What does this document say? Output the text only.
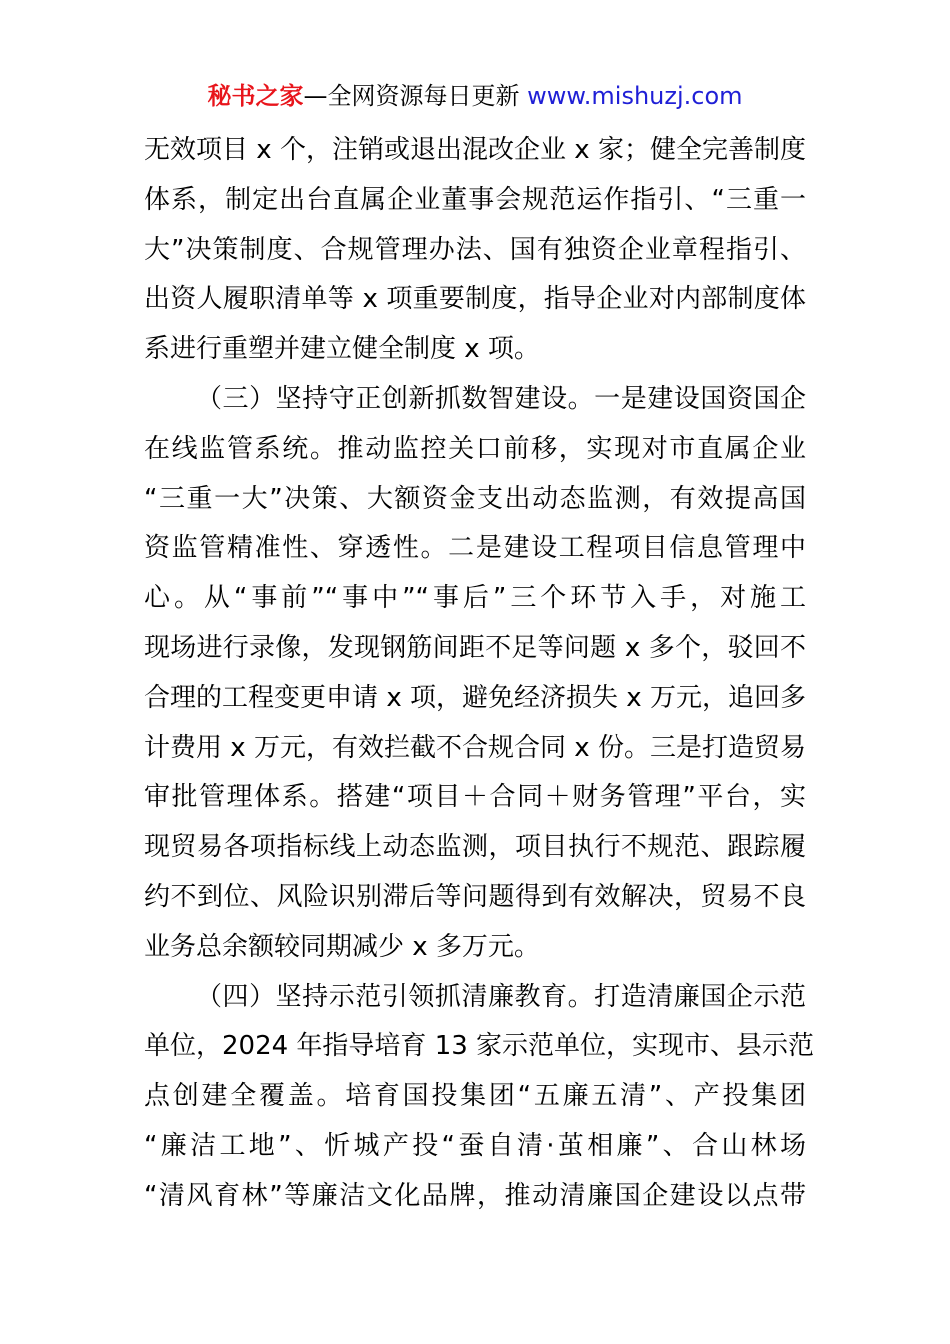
秘书之家—全网资源每日更新 www.mishuzj.com
无效项目 x 个，注销或退出混改企业 x 家；健全完善制度
体系，制定出台直属企业董事会规范运作指引、“三重一
大”决策制度、合规管理办法、国有独资企业章程指引、
出资人履职清单等 x 项重要制度，指导企业对内部制度体
系进行重塑并建立健全制度 x 项。
（三）坚持守正创新抓数智建设。一是建设国资国企
在线监管系统。推动监控关口前移，实现对市直属企业
“三重一大”决策、大额资金支出动态监测，有效提高国
资监管精准性、穿透性。二是建设工程项目信息管理中
心。从“事前”“事中”“事后”三个环节入手，对施工
现场进行录像，发现钢筋间距不足等问题 x 多个，驳回不
合理的工程变更申请 x 项，避免经济损失 x 万元，追回多
计费用 x 万元，有效拦截不合规合同 x 份。三是打造贸易
审批管理体系。搭建“项目＋合同＋财务管理”平台，实
现贸易各项指标线上动态监测，项目执行不规范、跟踪履
约不到位、风险识别滞后等问题得到有效解决，贸易不良
业务总余额较同期减少 x 多万元。
（四）坚持示范引领抓清廉教育。打造清廉国企示范
单位，2024 年指导培育 13 家示范单位，实现市、县示范
点创建全覆盖。培育国投集团“五廉五清”、产投集团
“廉洁工地”、忻城产投“蚕自清·茧相廉”、合山林场
“清风育林”等廉洁文化品牌，推动清廉国企建设以点带
